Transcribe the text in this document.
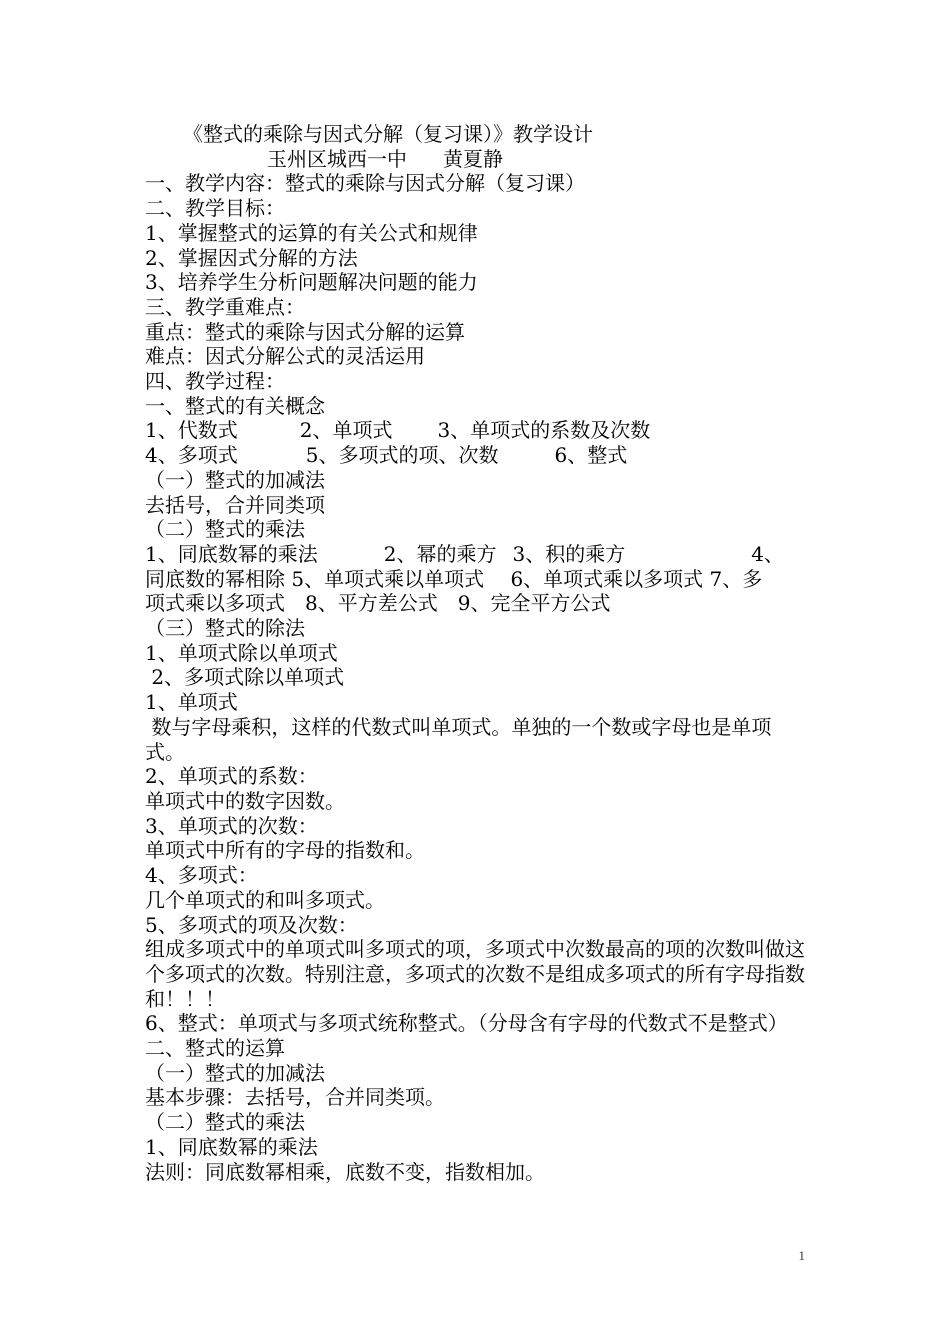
《整式的乘除与因式分解（复习课）》教学设计
玉州区城西一中 黄夏静
一、教学内容：整式的乘除与因式分解（复习课）
二、教学目标：
1、掌握整式的运算的有关公式和规律
2、掌握因式分解的方法
3、培养学生分析问题解决问题的能力
三、教学重难点：
重点：整式的乘除与因式分解的运算
难点：因式分解公式的灵活运用
四、教学过程：
一、整式的有关概念
1、代数式	2、单项式 3、单项式的系数及次数
4、多项式	5、多项式的项、次数	6、整式
（一）整式的加减法
去括号，合并同类项
（二）整式的乘法
1、同底数幂的乘法	2、幂的乘方 3、积的乘方	4、
同底数的幂相除 5、单项式乘以单项式　 6、单项式乘以多项式 7、多
项式乘以多项式　8、平方差公式　9、完全平方公式
（三）整式的除法
1、单项式除以单项式
2、多项式除以单项式
1、单项式
数与字母乘积，这样的代数式叫单项式。单独的一个数或字母也是单项式。
2、单项式的系数：
单项式中的数字因数。
3、单项式的次数：
单项式中所有的字母的指数和。
4、多项式：
几个单项式的和叫多项式。
5、多项式的项及次数：
组成多项式中的单项式叫多项式的项，多项式中次数最高的项的次数叫做这个多项式的次数。特别注意，多项式的次数不是组成多项式的所有字母指数和！！！
6、整式：单项式与多项式统称整式。（分母含有字母的代数式不是整式）
二、整式的运算
（一）整式的加减法
基本步骤：去括号，合并同类项。
（二）整式的乘法
1、同底数幂的乘法
法则：同底数幂相乘，底数不变，指数相加。
1
